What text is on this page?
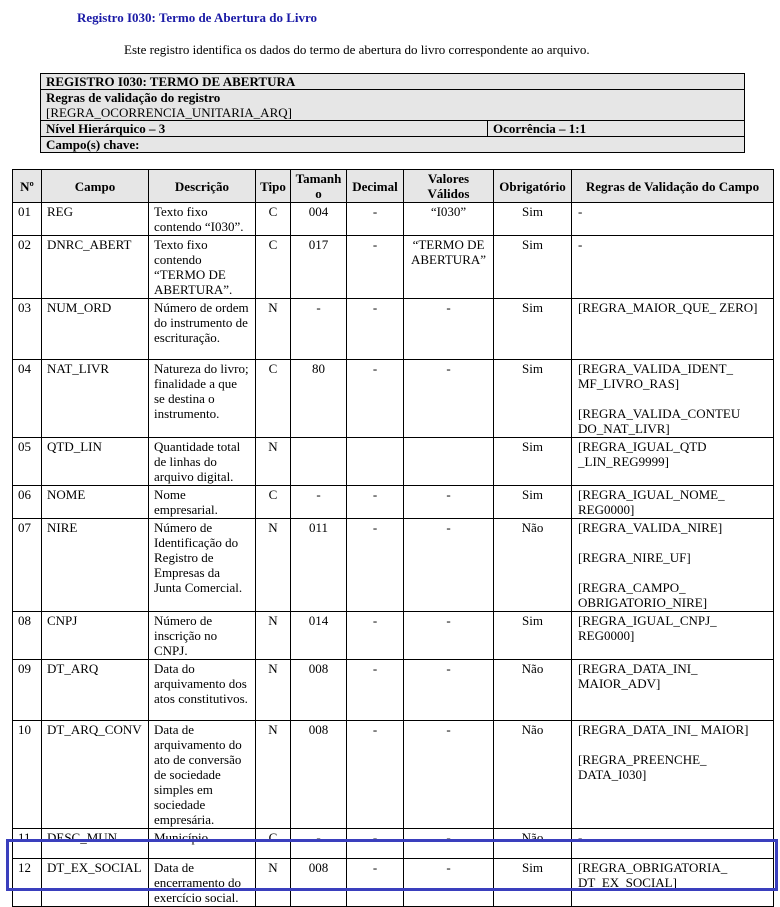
Registro I030: Termo de Abertura do Livro
Este registro identifica os dados do termo de abertura do livro correspondente ao arquivo.
REGISTRO I030: TERMO DE ABERTURA

Regras de validação do registro
[REGRA_OCORRENCIA_UNITARIA_ARQ]

Nível Hierárquico – 3	Ocorrência – 1:1
Campo(s) chave:
Nº	Campo	Descrição	Tipo	Tamanho	Decimal	Valores Válidos	Obrigatório	Regras de Validação do Campo
01	REG	Texto fixo contendo “I030”.	C	004	-	“I030”	Sim	-

02	DNRC_ABERT	Texto fixo contendo “TERMO DE ABERTURA”.	C	017	-	“TERMO DE ABERTURA”	Sim	-

03	NUM_ORD	Número de ordem do instrumento de escrituração.	N	-	-	-	Sim	[REGRA_MAIOR_QUE_ ZERO]

04	NAT_LIVR	Natureza do livro; finalidade a que se destina o instrumento.	C	80	-	-	Sim	[REGRA_VALIDA_IDENT_ MF_LIVRO_RAS]
[REGRA_VALIDA_CONTEU DO_NAT_LIVR]

05	QTD_LIN	Quantidade total de linhas do arquivo digital.	N				Sim	[REGRA_IGUAL_QTD _LIN_REG9999]

06	NOME	Nome empresarial.	C	-	-	-	Sim	[REGRA_IGUAL_NOME_ REG0000]

07	NIRE	Número de Identificação do Registro de Empresas da Junta Comercial.	N	011	-	-	Não	[REGRA_VALIDA_NIRE]
[REGRA_NIRE_UF]
[REGRA_CAMPO_ OBRIGATORIO_NIRE]

08	CNPJ	Número de inscrição no CNPJ.	N	014	-	-	Sim	[REGRA_IGUAL_CNPJ_ REG0000]

09	DT_ARQ	Data do arquivamento dos atos constitutivos.	N	008	-	-	Não	[REGRA_DATA_INI_ MAIOR_ADV]

10	DT_ARQ_CONV	Data de arquivamento do ato de conversão de sociedade simples em sociedade empresária.	N	008	-	-	Não	[REGRA_DATA_INI_ MAIOR]
[REGRA_PREENCHE_ DATA_I030]

11	DESC_MUN	Município.	C	-	-	-	Não	-

12	DT_EX_SOCIAL	Data de encerramento do exercício social.	N	008	-	-	Sim	[REGRA_OBRIGATORIA_ DT_EX_SOCIAL]
